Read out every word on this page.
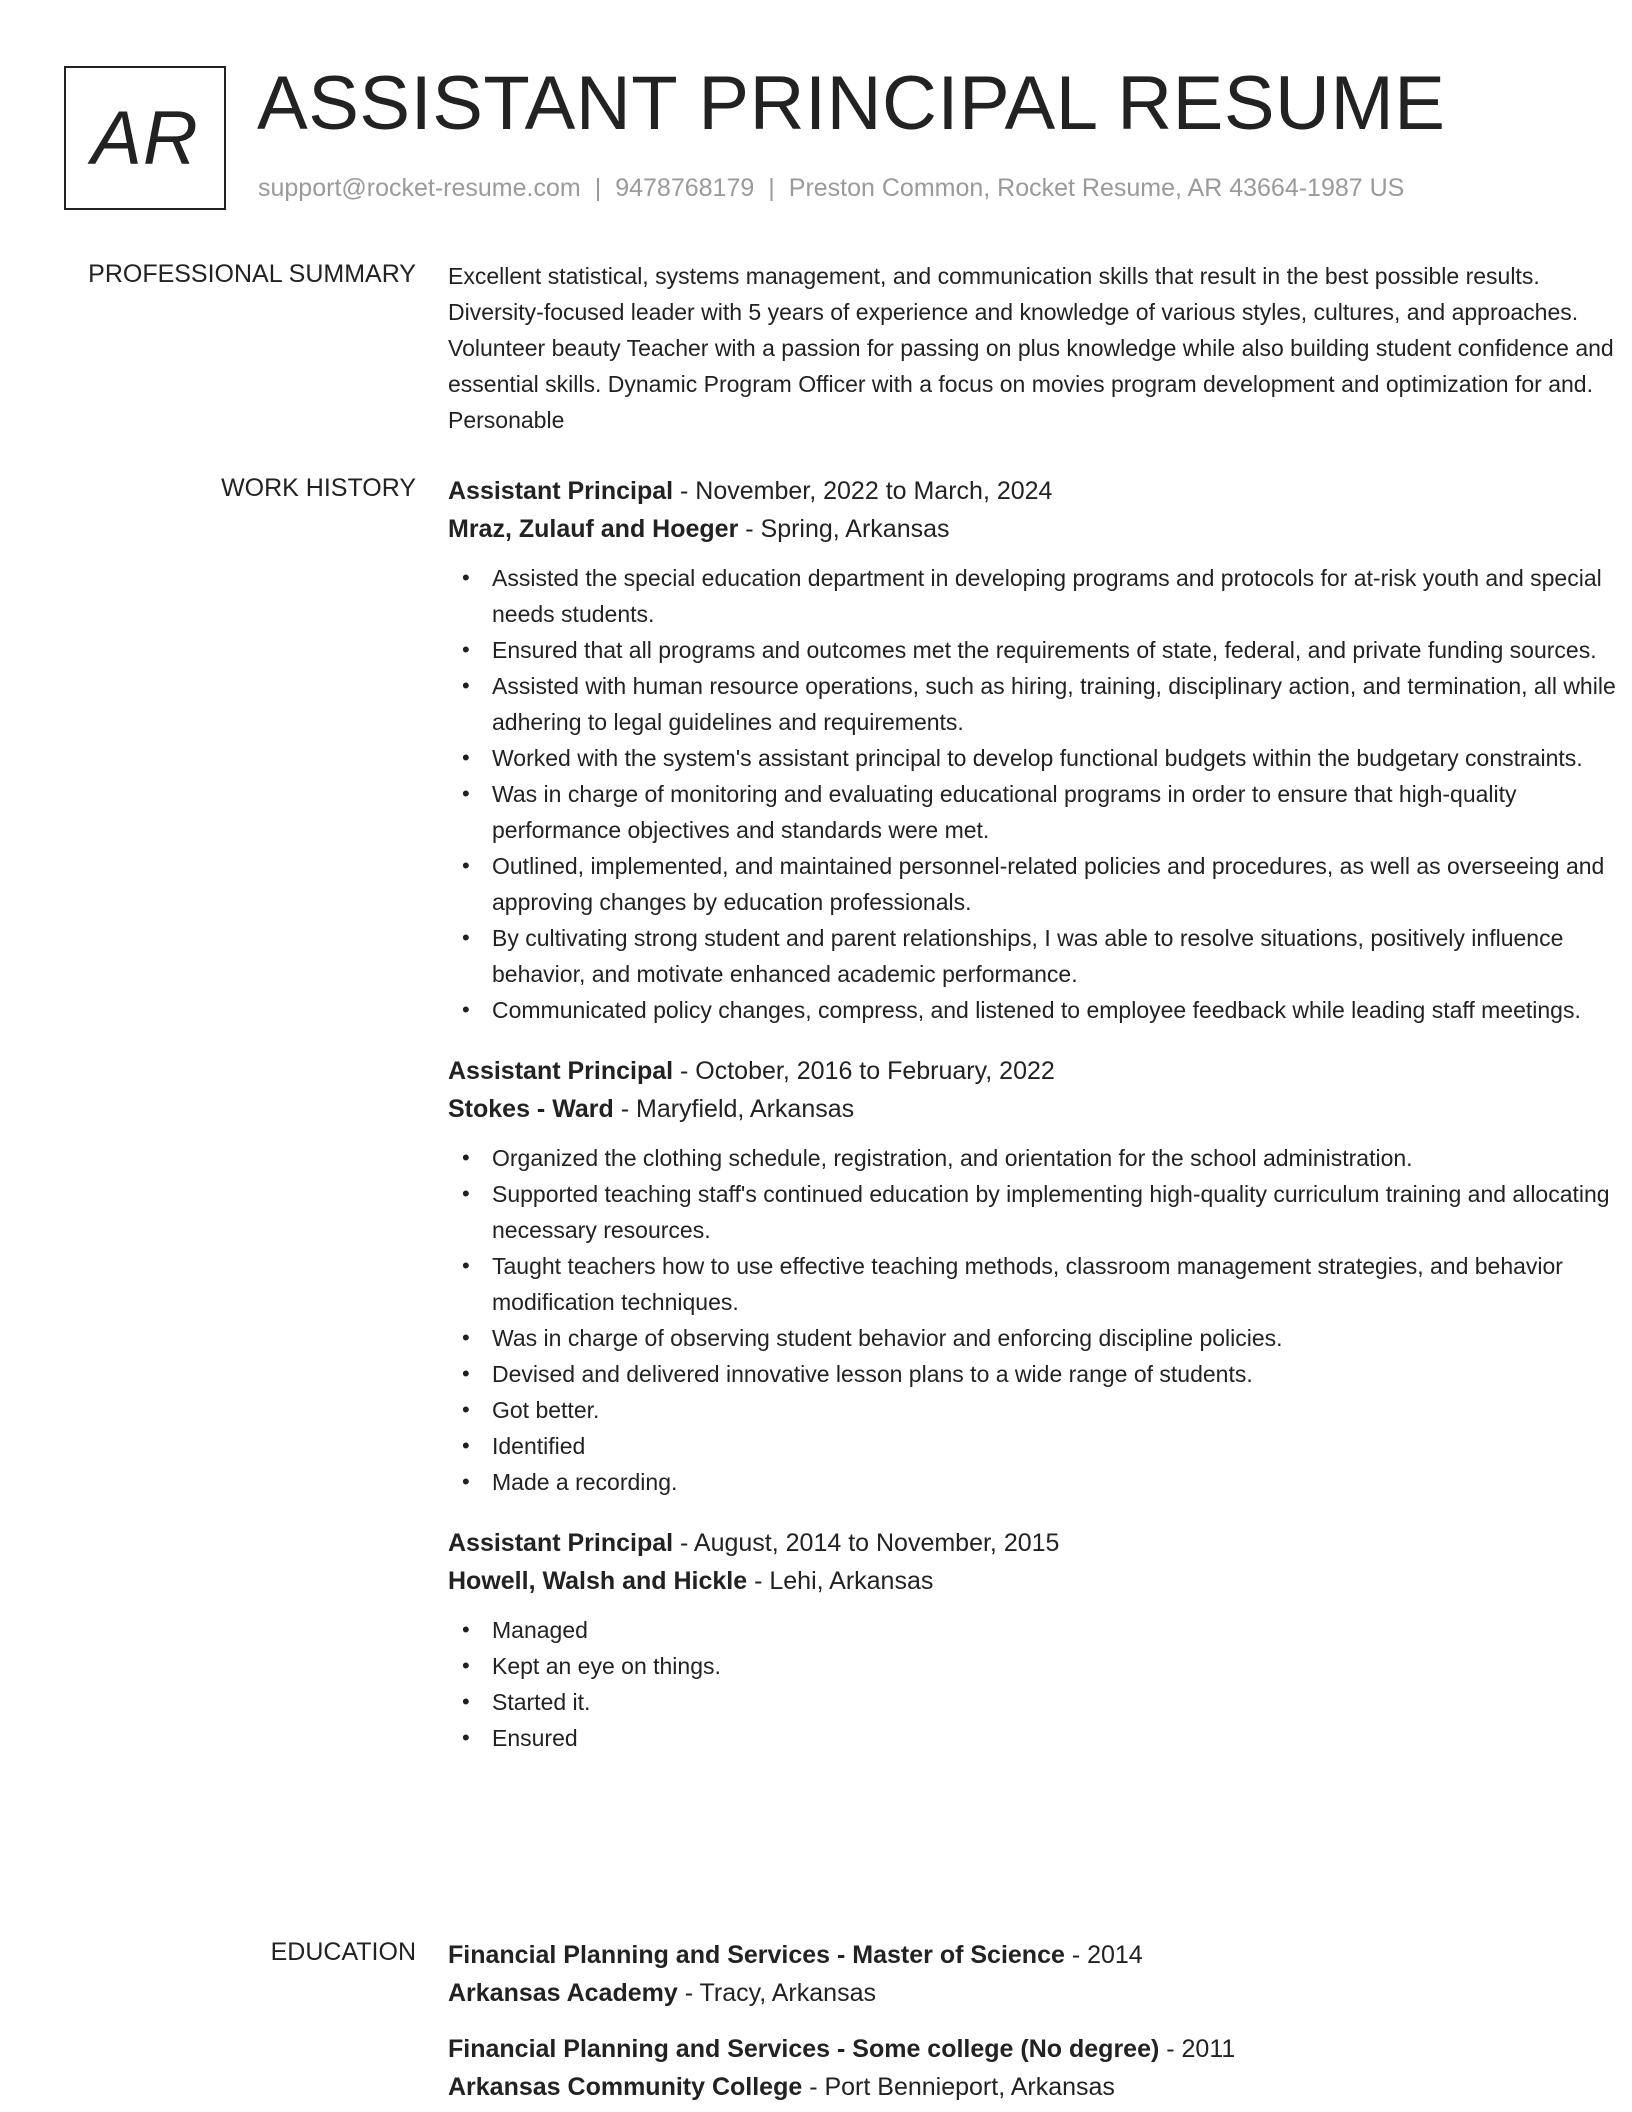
AR ASSISTANT PRINCIPAL RESUME
support@rocket-resume.com | 9478768179 | Preston Common, Rocket Resume, AR 43664-1987 US
PROFESSIONAL SUMMARY Excellent statistical, systems management, and communication skills that result in the best possible results. Diversity-focused leader with 5 years of experience and knowledge of various styles, cultures, and approaches. Volunteer beauty Teacher with a passion for passing on plus knowledge while also building student confidence and essential skills. Dynamic Program Officer with a focus on movies program development and optimization for and. Personable

WORK HISTORY Assistant Principal - November, 2022 to March, 2024
Mraz, Zulauf and Hoeger - Spring, Arkansas
• Assisted the special education department in developing programs and protocols for at-risk youth and special needs students.
• Ensured that all programs and outcomes met the requirements of state, federal, and private funding sources.
• Assisted with human resource operations, such as hiring, training, disciplinary action, and termination, all while adhering to legal guidelines and requirements.
• Worked with the system's assistant principal to develop functional budgets within the budgetary constraints.
• Was in charge of monitoring and evaluating educational programs in order to ensure that high-quality performance objectives and standards were met.
• Outlined, implemented, and maintained personnel-related policies and procedures, as well as overseeing and approving changes by education professionals.
• By cultivating strong student and parent relationships, I was able to resolve situations, positively influence behavior, and motivate enhanced academic performance.
• Communicated policy changes, compress, and listened to employee feedback while leading staff meetings.
Assistant Principal - October, 2016 to February, 2022
Stokes - Ward - Maryfield, Arkansas
• Organized the clothing schedule, registration, and orientation for the school administration.
• Supported teaching staff's continued education by implementing high-quality curriculum training and allocating necessary resources.
• Taught teachers how to use effective teaching methods, classroom management strategies, and behavior modification techniques.
• Was in charge of observing student behavior and enforcing discipline policies.
• Devised and delivered innovative lesson plans to a wide range of students.
• Got better.
• Identified
• Made a recording.
Assistant Principal - August, 2014 to November, 2015
Howell, Walsh and Hickle - Lehi, Arkansas
• Managed
• Kept an eye on things.
• Started it.
• Ensured
EDUCATION Financial Planning and Services - Master of Science - 2014
Arkansas Academy - Tracy, Arkansas
Financial Planning and Services - Some college (No degree) - 2011
Arkansas Community College - Port Bennieport, Arkansas
